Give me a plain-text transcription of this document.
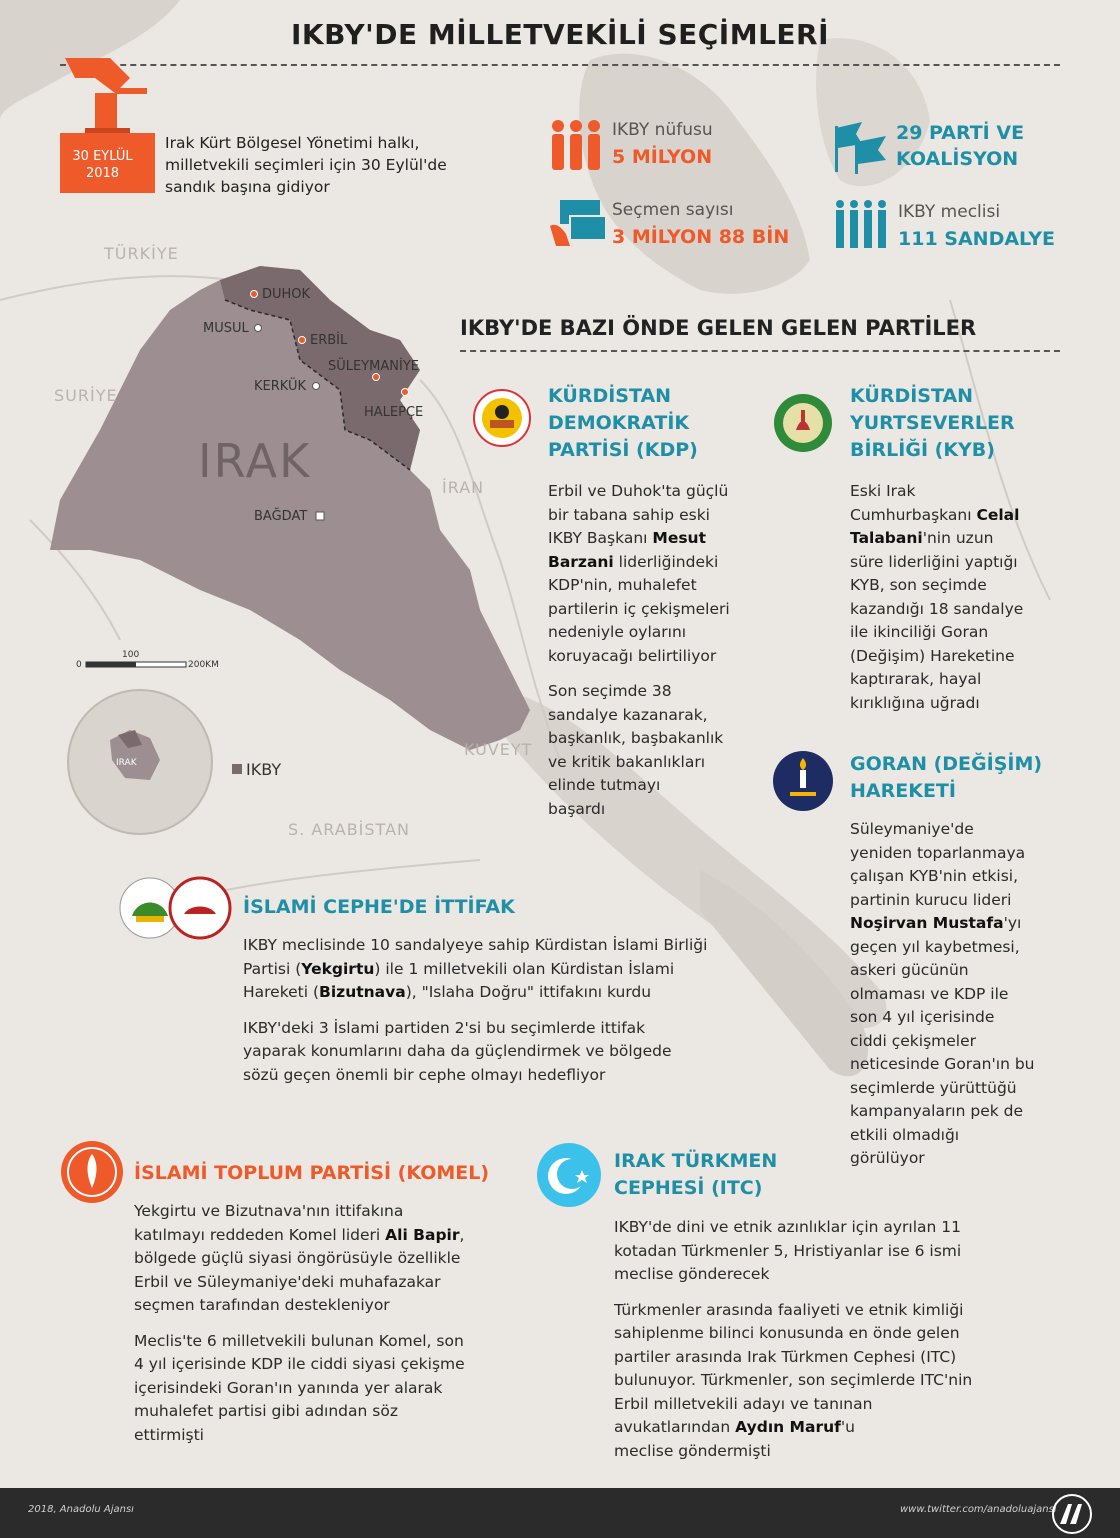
IKBY'DE MİLLETVEKİLİ SEÇİMLERİ
30 EYLÜL
2018
Irak Kürt Bölgesel Yönetimi halkı,
milletvekili seçimleri için 30 Eylül'de
sandık başına gidiyor
IKBY nüfusu
5 MİLYON
Seçmen sayısı
3 MİLYON 88 BİN
29 PARTİ VE
KOALİSYON
IKBY meclisi
111 SANDALYE
TÜRKİYE
SURİYE
İRAN
KUVEYT
S. ARABİSTAN
IRAK
DUHOK
MUSUL
ERBİL
SÜLEYMANİYE
KERKÜK
HALEPÇE
BAĞDAT
0
100
200KM
IRAK	IKBY
IKBY'DE BAZI ÖNDE GELEN GELEN PARTİLER
KÜRDİSTAN
DEMOKRATİK
PARTİSİ (KDP)
Erbil ve Duhok'ta güçlü
bir tabana sahip eski
IKBY Başkanı Mesut
Barzani liderliğindeki
KDP'nin, muhalefet
partilerin iç çekişmeleri
nedeniyle oylarını
koruyacağı belirtiliyor
Son seçimde 38
sandalye kazanarak,
başkanlık, başbakanlık
ve kritik bakanlıkları
elinde tutmayı
başardı
KÜRDİSTAN
YURTSEVERLER
BİRLİĞİ (KYB)
Eski Irak
Cumhurbaşkanı Celal
Talabani'nin uzun
süre liderliğini yaptığı
KYB, son seçimde
kazandığı 18 sandalye
ile ikinciliği Goran
(Değişim) Hareketine
kaptırarak, hayal
kırıklığına uğradı
GORAN (DEĞİŞİM)
HAREKETİ
Süleymaniye'de
yeniden toparlanmaya
çalışan KYB'nin etkisi,
partinin kurucu lideri
Noşirvan Mustafa'yı
geçen yıl kaybetmesi,
askeri gücünün
olmaması ve KDP ile
son 4 yıl içerisinde
ciddi çekişmeler
neticesinde Goran'ın bu
seçimlerde yürüttüğü
kampanyaların pek de
etkili olmadığı
görülüyor
İSLAMİ CEPHE'DE İTTİFAK
IKBY meclisinde 10 sandalyeye sahip Kürdistan İslami Birliği
Partisi (Yekgirtu) ile 1 milletvekili olan Kürdistan İslami
Hareketi (Bizutnava), "Islaha Doğru" ittifakını kurdu
IKBY'deki 3 İslami partiden 2'si bu seçimlerde ittifak
yaparak konumlarını daha da güçlendirmek ve bölgede
sözü geçen önemli bir cephe olmayı hedefliyor
İSLAMİ TOPLUM PARTİSİ (KOMEL)
Yekgirtu ve Bizutnava'nın ittifakına
katılmayı reddeden Komel lideri Ali Bapir,
bölgede güçlü siyasi öngörüsüyle özellikle
Erbil ve Süleymaniye'deki muhafazakar
seçmen tarafından destekleniyor
Meclis'te 6 milletvekili bulunan Komel, son
4 yıl içerisinde KDP ile ciddi siyasi çekişme
içerisindeki Goran'ın yanında yer alarak
muhalefet partisi gibi adından söz
ettirmişti
IRAK TÜRKMEN
CEPHESİ (ITC)
IKBY'de dini ve etnik azınlıklar için ayrılan 11
kotadan Türkmenler 5, Hristiyanlar ise 6 ismi
meclise gönderecek
Türkmenler arasında faaliyeti ve etnik kimliği
sahiplenme bilinci konusunda en önde gelen
partiler arasında Irak Türkmen Cephesi (ITC)
bulunuyor. Türkmenler, son seçimlerde ITC'nin
Erbil milletvekili adayı ve tanınan
avukatlarından Aydın Maruf'u
meclise göndermişti
2018, Anadolu Ajansı	www.twitter.com/anadoluajansi
